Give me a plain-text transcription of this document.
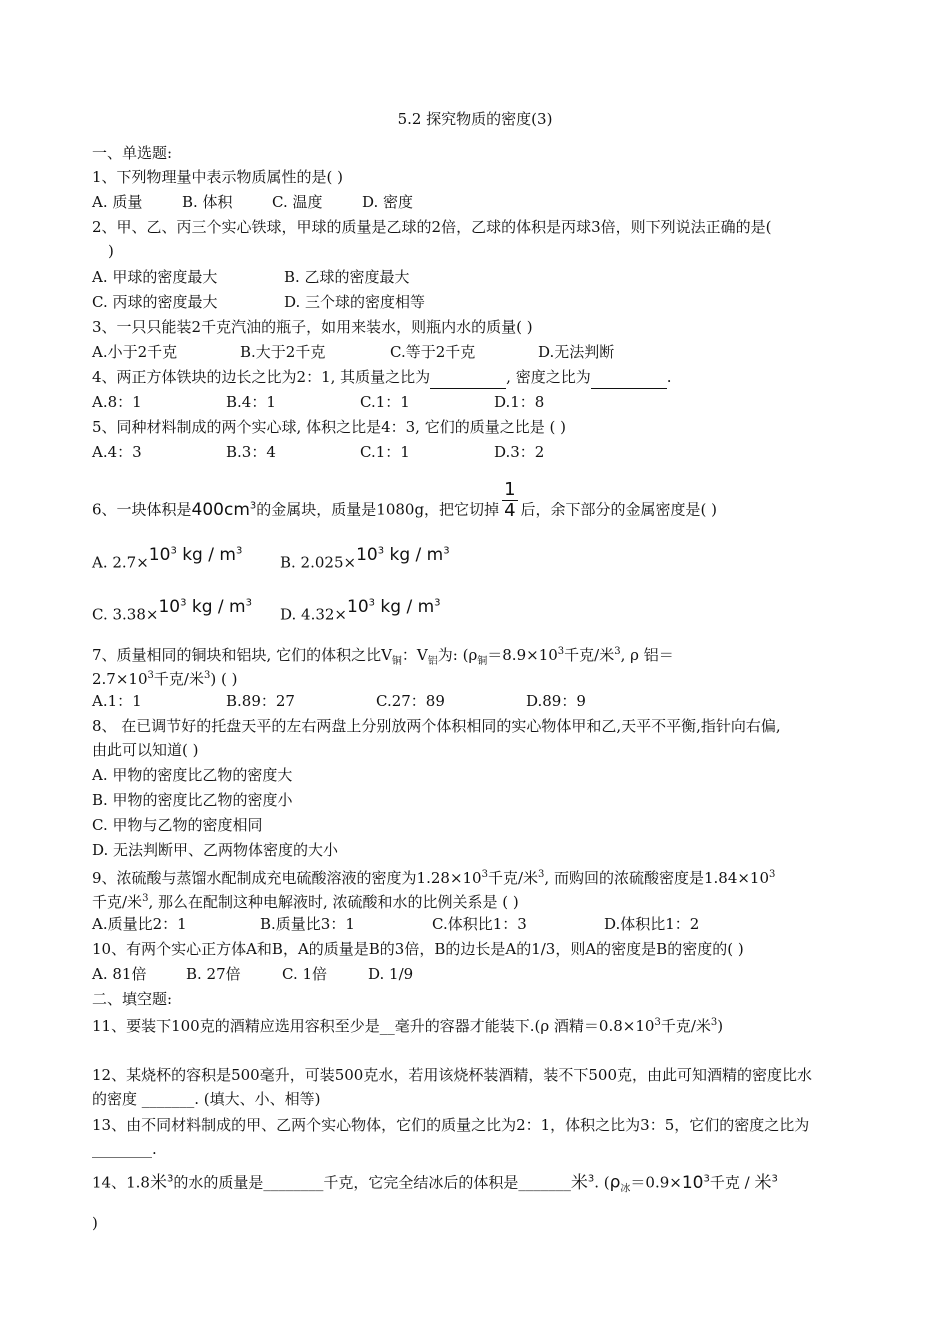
5.2 探究物质的密度(3)
一、单选题:
1、下列物理量中表示物质属性的是( )
A. 质量	B. 体积	C. 温度	D. 密度
2、甲、乙、丙三个实心铁球，甲球的质量是乙球的2倍，乙球的体积是丙球3倍，则下列说法正确的是(
)
A. 甲球的密度最大	B. 乙球的密度最大
C. 丙球的密度最大	D. 三个球的密度相等
3、一只只能装2千克汽油的瓶子，如用来装水，则瓶内水的质量( )
A.小于2千克	B.大于2千克	C.等于2千克	D.无法判断
4、两正方体铁块的边长之比为2：1, 其质量之比为	, 密度之比为	.
A.8：1	B.4：1	C.1：1	D.1：8
5、同种材料制成的两个实心球, 体积之比是4：3, 它们的质量之比是 ( )
A.4：3	B.3：4	C.1：1	D.3：2
6、一块体积是$400cm^3$的金属块，质量是1080g，把它切掉 $\frac{1}{4}$ 后，余下部分的金属密度是( )
A. $2.7\times 10^3$ kg / $m^3$
B. $2.025\times 10^3$ kg / $m^3$
C. $3.38\times 10^3$ kg / $m^3$
D. $4.32\times 10^3$ kg / $m^3$
7、质量相同的铜块和铝块, 它们的体积之比$V_铜$：$V_铝$为: ($\rho_铜=8.9\times 10^3$千克/米$^3$, ρ 铝＝
$2.7\times 10^3$千克/米$^3$) ( )
A.1：1	B.89：27	C.27：89	D.89：9
8、 在已调节好的托盘天平的左右两盘上分别放两个体积相同的实心物体甲和乙,天平不平衡,指针向右偏,
由此可以知道( )
A. 甲物的密度比乙物的密度大
B. 甲物的密度比乙物的密度小
C. 甲物与乙物的密度相同
D. 无法判断甲、乙两物体密度的大小
9、浓硫酸与蒸馏水配制成充电硫酸溶液的密度为$1.28\times 10^3$千克/米$^3$, 而购回的浓硫酸密度是$1.84\times 10^3$
千克/米$^3$, 那么在配制这种电解液时, 浓硫酸和水的比例关系是 ( )
A.质量比2：1	B.质量比3：1	C.体积比1：3	D.体积比1：2
10、有两个实心正方体A和B，A的质量是B的3倍，B的边长是A的1/3，则A的密度是B的密度的( )
A. 81倍	B. 27倍	C. 1倍	D. 1/9
二、填空题:
11、要装下100克的酒精应选用容积至少是__毫升的容器才能装下.(ρ 酒精$=0.8\times 10^3$千克/米$^3$)
12、某烧杯的容积是500毫升，可装500克水，若用该烧杯装酒精，装不下500克，由此可知酒精的密度比水
的密度 _______. (填大、小、相等)
13、由不同材料制成的甲、乙两个实心物体，它们的质量之比为2：1，体积之比为3：5，它们的密度之比为
________.
14、1.8米$^3$的水的质量是________千克，它完全结冰后的体积是_______米$^3$. ($\rho_冰=0.9\times 10^3$千克 / 米$^3$
)
